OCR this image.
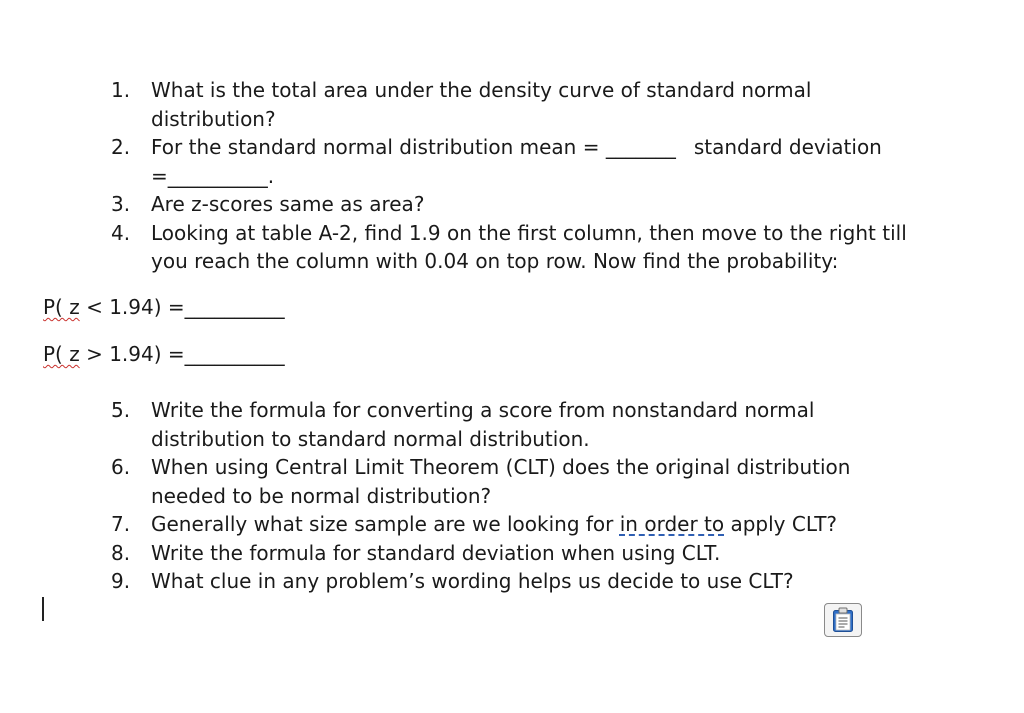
1.	What is the total area under the density curve of standard normal
distribution?
2.	For the standard normal distribution mean = _______ standard deviation
=__________.
3.	Are z-scores same as area?
4.	Looking at table A-2, find 1.9 on the first column, then move to the right till
you reach the column with 0.04 on top row. Now find the probability:
P( z < 1.94) =__________
P( z > 1.94) =__________
5.	Write the formula for converting a score from nonstandard normal
distribution to standard normal distribution.
6.	When using Central Limit Theorem (CLT) does the original distribution
needed to be normal distribution?
7.	Generally what size sample are we looking for in order to apply CLT?
8.	Write the formula for standard deviation when using CLT.
9.	What clue in any problem’s wording helps us decide to use CLT?
